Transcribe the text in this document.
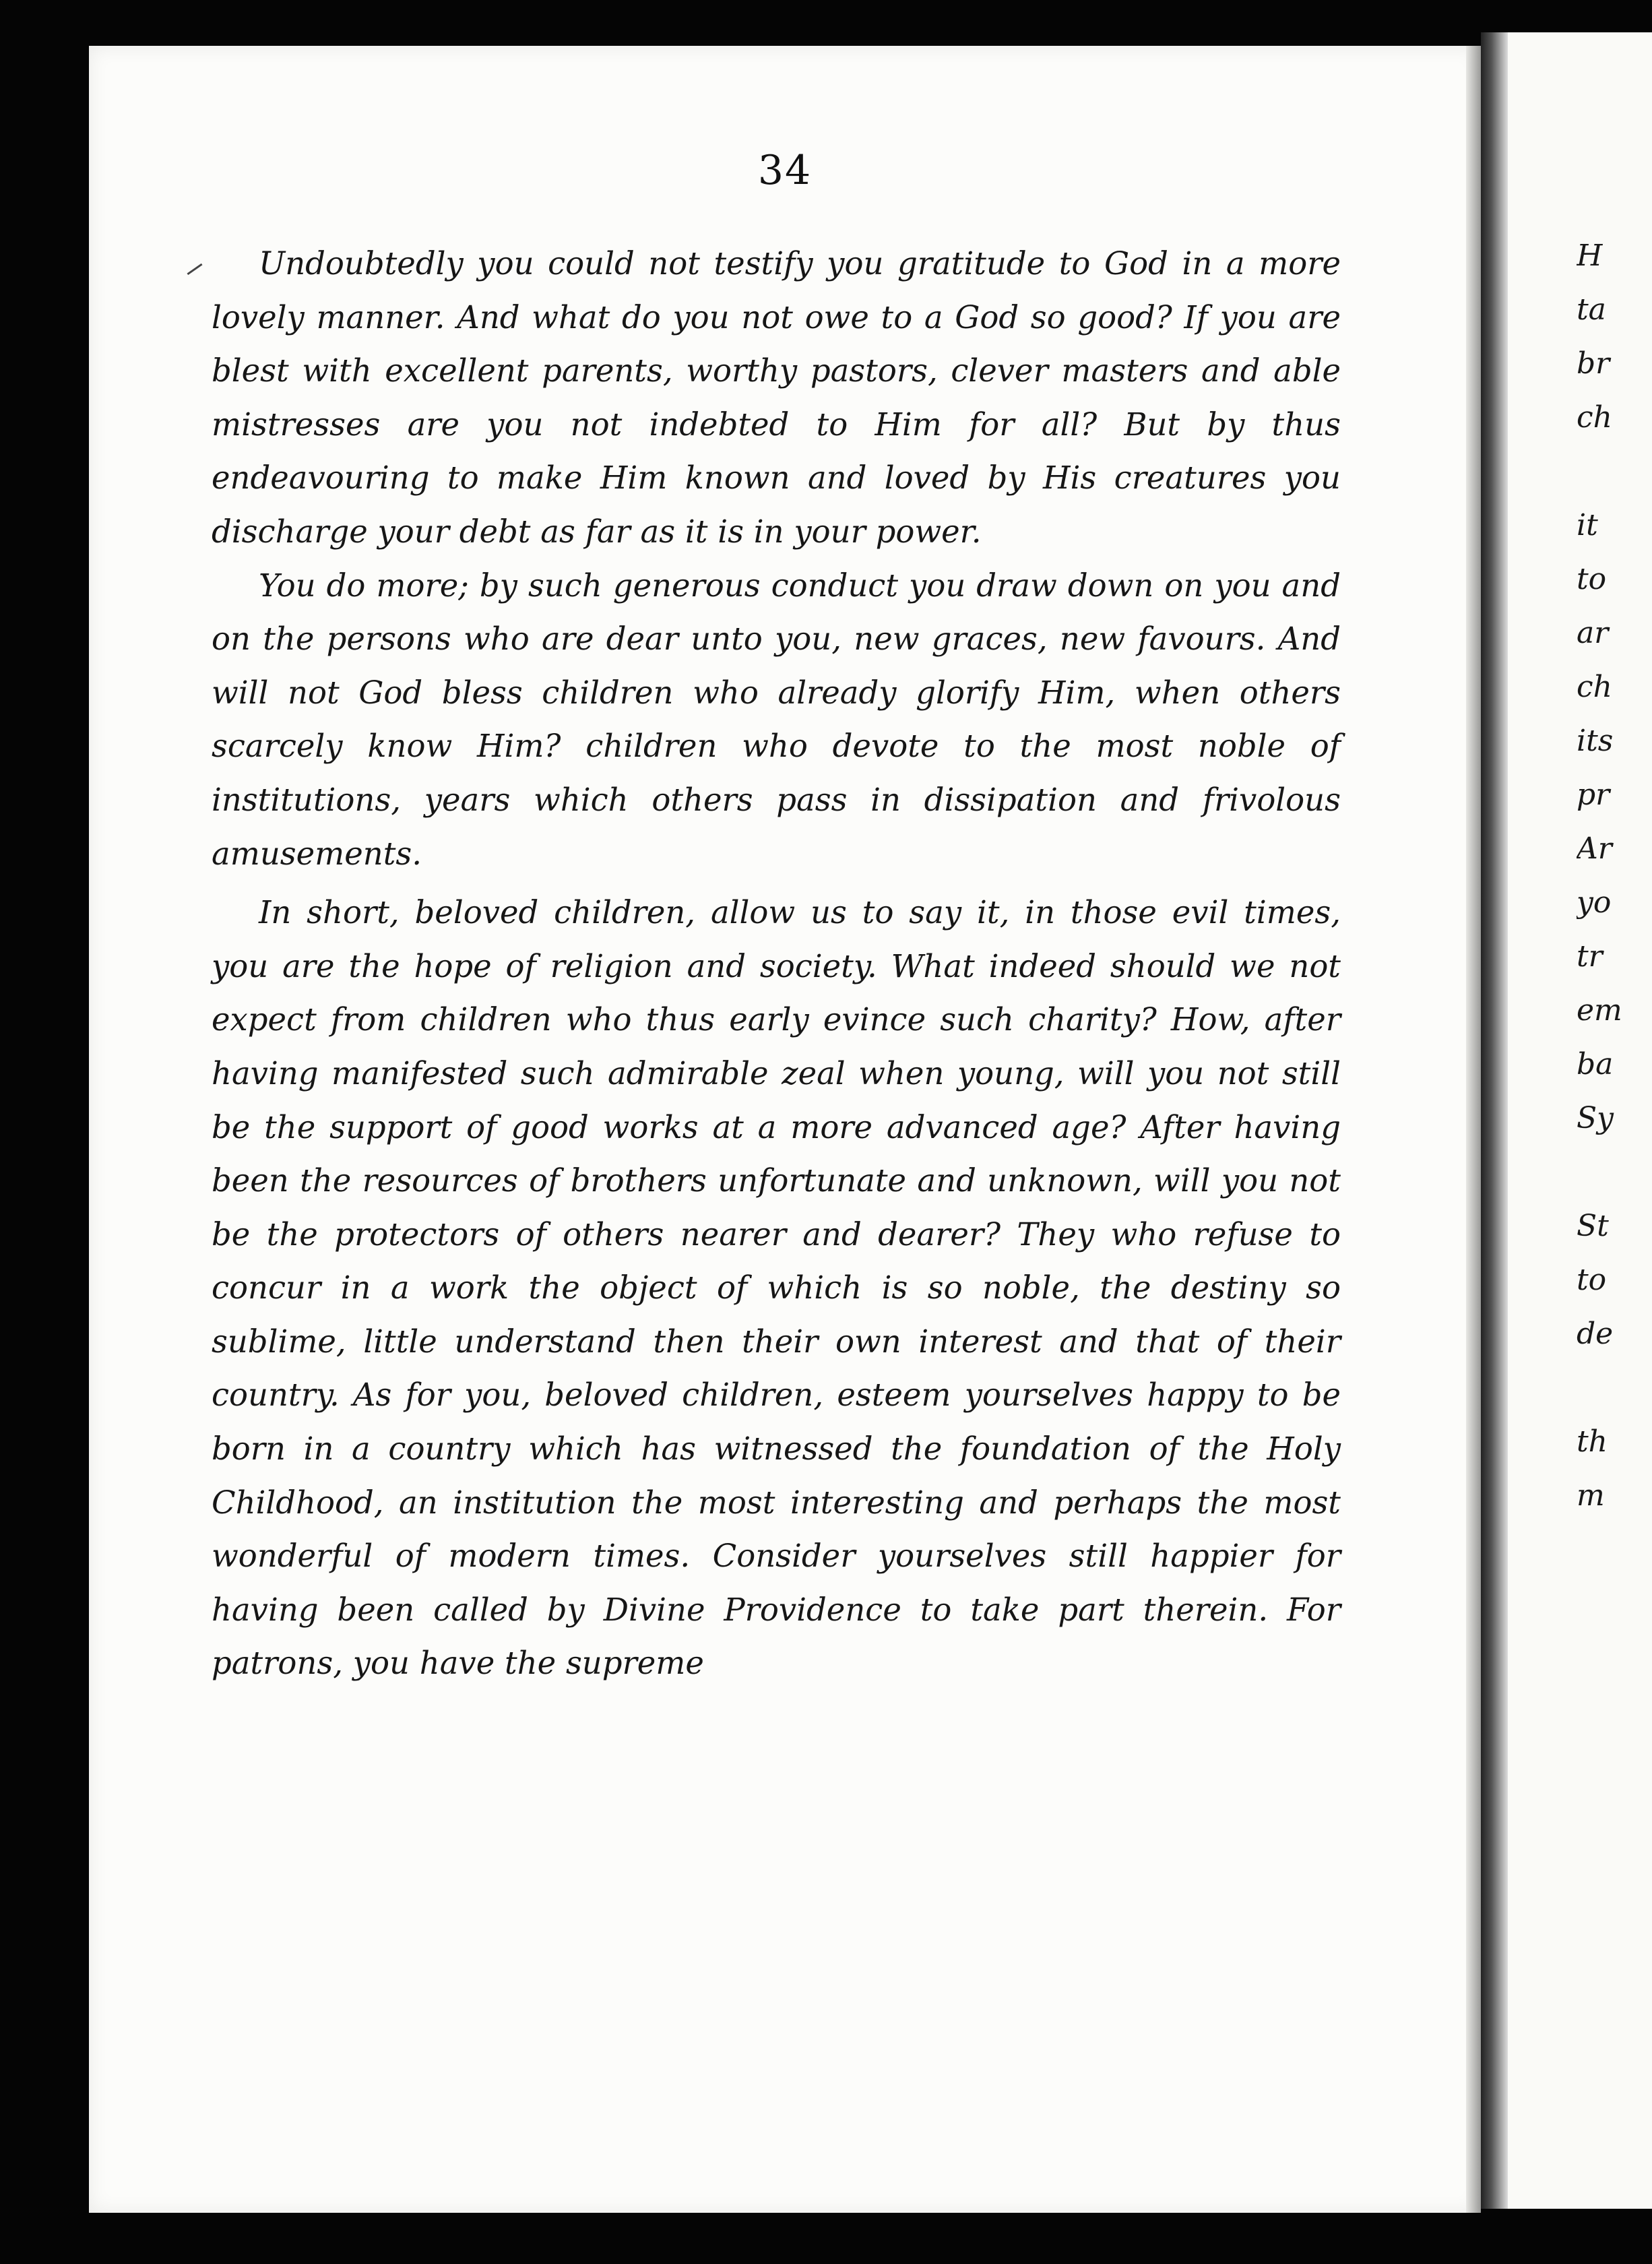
34

Undoubtedly you could not testify you gratitude to God in a more lovely manner. And what do you not owe to a God so good? If you are blest with excellent parents, worthy pastors, clever masters and able mistresses are you not indebted to Him for all? But by thus endeavouring to make Him known and loved by His creatures you discharge your debt as far as it is in your power.

You do more; by such generous conduct you draw down on you and on the persons who are dear unto you, new graces, new favours. And will not God bless children who already glorify Him, when others scarcely know Him? children who devote to the most noble of institutions, years which others pass in dissipation and frivolous amusements.

In short, beloved children, allow us to say it, in those evil times, you are the hope of religion and society. What indeed should we not expect from children who thus early evince such charity? How, after having manifested such admirable zeal when young, will you not still be the support of good works at a more advanced age? After having been the resources of brothers unfortunate and unknown, will you not be the protectors of others nearer and dearer? They who refuse to concur in a work the object of which is so noble, the destiny so sublime, little understand then their own interest and that of their country. As for you, beloved children, esteem yourselves happy to be born in a country which has witnessed the foundation of the Holy Childhood, an institution the most interesting and perhaps the most wonderful of modern times. Consider yourselves still happier for having been called by Divine Providence to take part therein. For patrons, you have the supreme

H
ta
br
ch
it
to
ar
ch
its
pr
Ar
yo
tr
em
ba
Sy
St
to
de
th
m
